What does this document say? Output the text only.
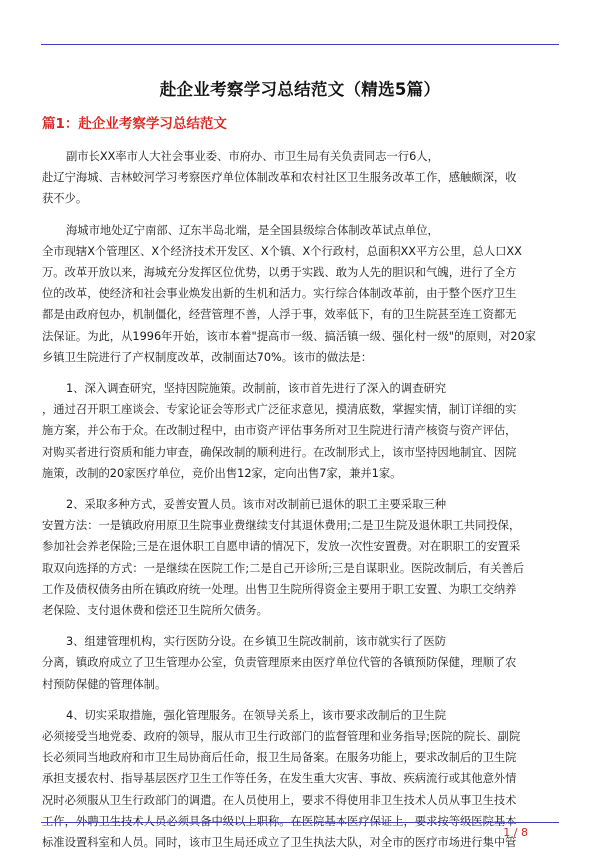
赴企业考察学习总结范文（精选5篇）
篇1：赴企业考察学习总结范文
副市长XX率市人大社会事业委、市府办、市卫生局有关负责同志一行6人，
赴辽宁海城、吉林蛟河学习考察医疗单位体制改革和农村社区卫生服务改革工作，感触颇深，收
获不少。
海城市地处辽宁南部、辽东半岛北端，是全国县级综合体制改革试点单位，
全市现辖X个管理区、X个经济技术开发区、X个镇、X个行政村，总面积XX平方公里，总人口XX
万。改革开放以来，海城充分发挥区位优势，以勇于实践、敢为人先的胆识和气魄，进行了全方
位的改革，使经济和社会事业焕发出新的生机和活力。实行综合体制改革前，由于整个医疗卫生
都是由政府包办，机制僵化，经营管理不善，人浮于事，效率低下，有的卫生院甚至连工资都无
法保证。为此，从1996年开始，该市本着"提高市一级、搞活镇一级、强化村一级"的原则，对20家
乡镇卫生院进行了产权制度改革，改制面达70%。该市的做法是：
1、深入调查研究，坚持因院施策。改制前，该市首先进行了深入的调查研究
，通过召开职工座谈会、专家论证会等形式广泛征求意见，摸清底数，掌握实情，制订详细的实
施方案，并公布于众。在改制过程中，由市资产评估事务所对卫生院进行清产核资与资产评估，
对购买者进行资质和能力审查，确保改制的顺利进行。在改制形式上，该市坚持因地制宜、因院
施策，改制的20家医疗单位，竞价出售12家，定向出售7家，兼并1家。
2、采取多种方式，妥善安置人员。该市对改制前已退休的职工主要采取三种
安置方法：一是镇政府用原卫生院事业费继续支付其退休费用;二是卫生院及退休职工共同投保，
参加社会养老保险;三是在退休职工自愿申请的情况下，发放一次性安置费。对在职职工的安置采
取双向选择的方式：一是继续在医院工作;二是自己开诊所;三是自谋职业。医院改制后，有关善后
工作及债权债务由所在镇政府统一处理。出售卫生院所得资金主要用于职工安置、为职工交纳养
老保险、支付退休费和偿还卫生院所欠债务。
3、组建管理机构，实行医防分设。在乡镇卫生院改制前，该市就实行了医防
分离，镇政府成立了卫生管理办公室，负责管理原来由医疗单位代管的各镇预防保健，理顺了农
村预防保健的管理体制。
4、切实采取措施，强化管理服务。在领导关系上，该市要求改制后的卫生院
必须接受当地党委、政府的领导，服从市卫生行政部门的监督管理和业务指导;医院的院长、副院
长必须同当地政府和市卫生局协商后任命，报卫生局备案。在服务功能上，要求改制后的卫生院
承担支援农村、指导基层医疗卫生工作等任务，在发生重大灾害、事故、疾病流行或其他意外情
况时必须服从卫生行政部门的调遣。在人员使用上，要求不得使用非卫生技术人员从事卫生技术
工作，外聘卫生技术人员必须具备中级以上职称。在医院基本医疗保证上，要求按等级医院基本
标准设置科室和人员。同时，该市卫生局还成立了卫生执法大队，对全市的医疗市场进行集中管
1 / 8
